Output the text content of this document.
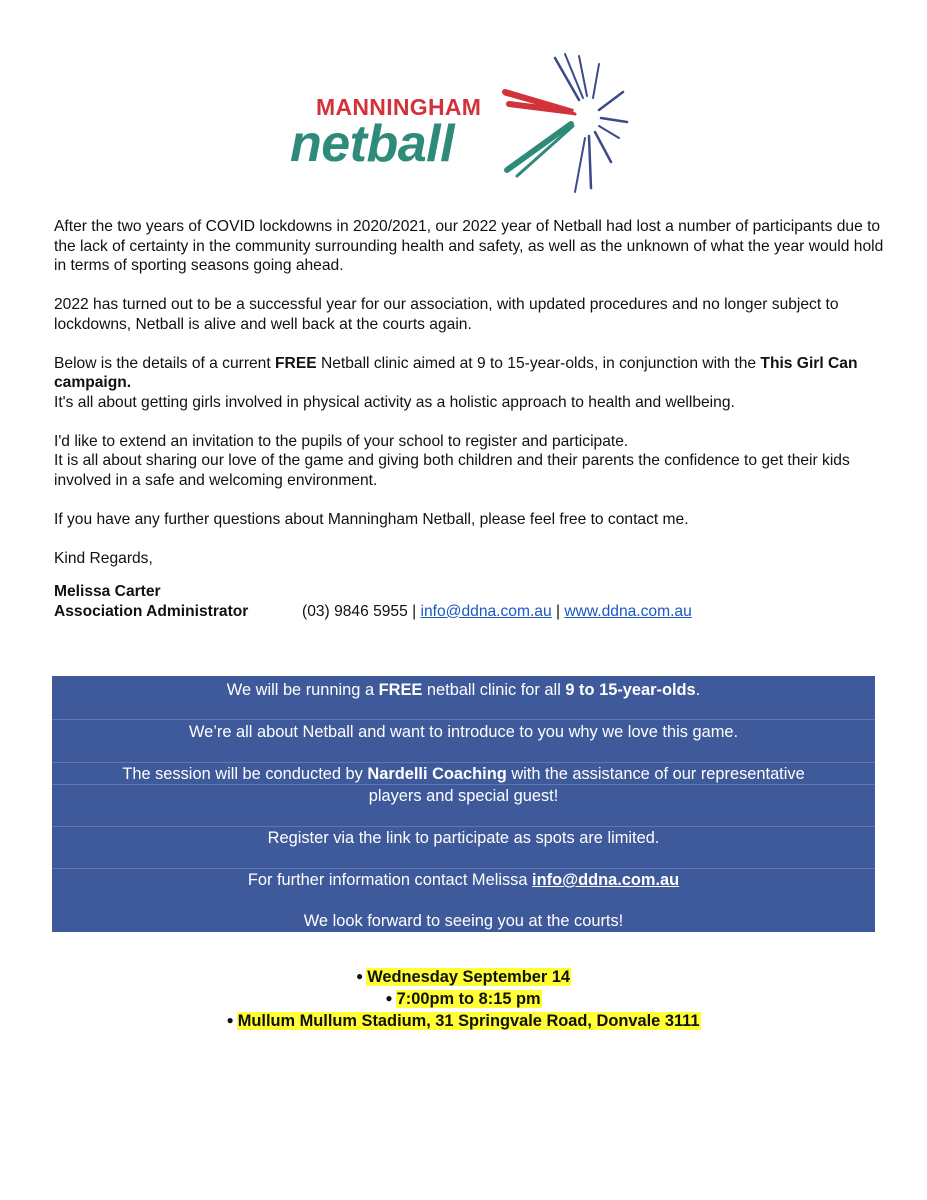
MANNINGHAM
netball

After the two years of COVID lockdowns in 2020/2021, our 2022 year of Netball had lost a number of participants due to the lack of certainty in the community surrounding health and safety, as well as the unknown of what the year would hold in terms of sporting seasons going ahead.

2022 has turned out to be a successful year for our association, with updated procedures and no longer subject to lockdowns, Netball is alive and well back at the courts again.

Below is the details of a current FREE Netball clinic aimed at 9 to 15-year-olds, in conjunction with the This Girl Can campaign.
It's all about getting girls involved in physical activity as a holistic approach to health and wellbeing.

I'd like to extend an invitation to the pupils of your school to register and participate.
It is all about sharing our love of the game and giving both children and their parents the confidence to get their kids involved in a safe and welcoming environment.

If you have any further questions about Manningham Netball, please feel free to contact me.

Kind Regards,

Melissa Carter
Association Administrator	(03) 9846 5955 | info@ddna.com.au | www.ddna.com.au
We will be running a FREE netball clinic for all 9 to 15-year-olds.
We’re all about Netball and want to introduce to you why we love this game.
The session will be conducted by Nardelli Coaching with the assistance of our representative
players and special guest!
Register via the link to participate as spots are limited.
For further information contact Melissa info@ddna.com.au
We look forward to seeing you at the courts!
● Wednesday September 14
● 7:00pm to 8:15 pm
● Mullum Mullum Stadium, 31 Springvale Road, Donvale 3111
